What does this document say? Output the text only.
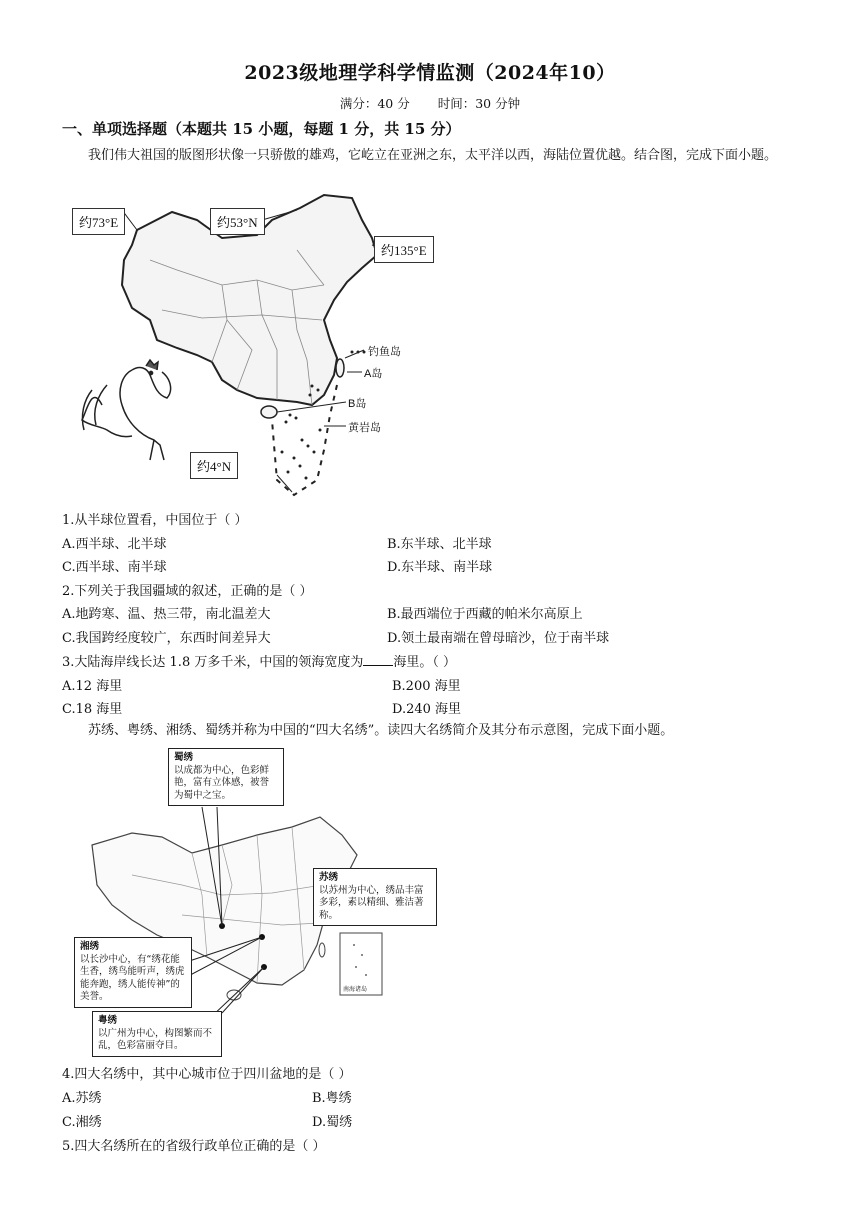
2023级地理学科学情监测（2024年10）
满分：40 分 时间：30 分钟
一、单项选择题（本题共 15 小题，每题 1 分，共 15 分）
我们伟大祖国的版图形状像一只骄傲的雄鸡，它屹立在亚洲之东，太平洋以西，海陆位置优越。结合图，完成下面小题。
约73°E	约53°N
约135°E
约4°N
钓鱼岛
A岛
B岛
黄岩岛
1.从半球位置看，中国位于（ ）
A.西半球、北半球	B.东半球、北半球
C.西半球、南半球	D.东半球、南半球
2.下列关于我国疆域的叙述，正确的是（ ）
A.地跨寒、温、热三带，南北温差大	B.最西端位于西藏的帕米尔高原上
C.我国跨经度较广，东西时间差异大	D.领土最南端在曾母暗沙，位于南半球
3.大陆海岸线长达 1.8 万多千米，中国的领海宽度为 海里。（ ）
A.12 海里	B.200 海里
C.18 海里	D.240 海里
苏绣、粤绣、湘绣、蜀绣并称为中国的“四大名绣”。读四大名绣简介及其分布示意图，完成下面小题。
南海诸岛
蜀绣
以成都为中心，色彩鲜艳，富有立体感，被誉为蜀中之宝。
苏绣
以苏州为中心，绣品丰富多彩，素以精细、雅洁著称。
湘绣
以长沙中心，有“绣花能生香，绣鸟能听声，绣虎能奔跑，绣人能传神”的美誉。
粤绣
以广州为中心，构图繁而不乱，色彩富丽夺目。
4.四大名绣中，其中心城市位于四川盆地的是（ ）
A.苏绣	B.粤绣
C.湘绣	D.蜀绣
5.四大名绣所在的省级行政单位正确的是（ ）
